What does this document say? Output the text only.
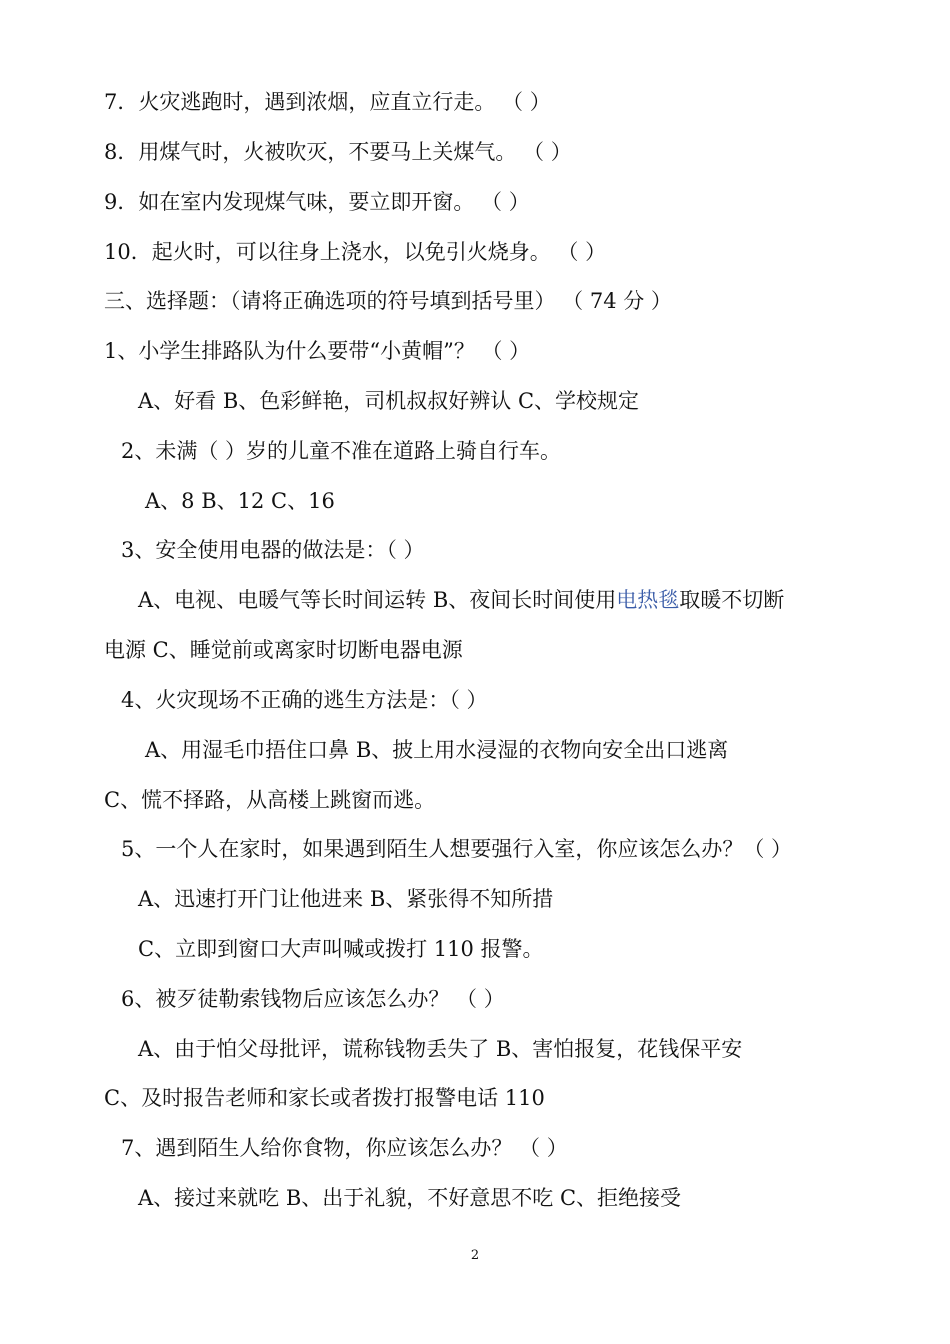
7．火灾逃跑时，遇到浓烟，应直立行走。 （ ）
8．用煤气时，火被吹灭，不要马上关煤气。 （ ）
9．如在室内发现煤气味，要立即开窗。 （ ）
10．起火时，可以往身上浇水，以免引火烧身。 （ ）
三、选择题：（请将正确选项的符号填到括号里） （ 74 分 ）
1、小学生排路队为什么要带“小黄帽”？ （ ）
A、好看 B、色彩鲜艳，司机叔叔好辨认 C、学校规定
2、未满（ ）岁的儿童不准在道路上骑自行车。
A、8 B、12 C、16
3、安全使用电器的做法是：（ ）
A、电视、电暖气等长时间运转 B、夜间长时间使用电热毯取暖不切断
电源 C、睡觉前或离家时切断电器电源
4、火灾现场不正确的逃生方法是：（ ）
A、用湿毛巾捂住口鼻 B、披上用水浸湿的衣物向安全出口逃离
C、慌不择路，从高楼上跳窗而逃。
5、一个人在家时，如果遇到陌生人想要强行入室，你应该怎么办？（ ）
A、迅速打开门让他进来 B、紧张得不知所措
C、立即到窗口大声叫喊或拨打 110 报警。
6、被歹徒勒索钱物后应该怎么办？ （ ）
A、由于怕父母批评，谎称钱物丢失了 B、害怕报复，花钱保平安
C、及时报告老师和家长或者拨打报警电话 110
7、遇到陌生人给你食物，你应该怎么办？ （ ）
A、接过来就吃 B、出于礼貌，不好意思不吃 C、拒绝接受
2
